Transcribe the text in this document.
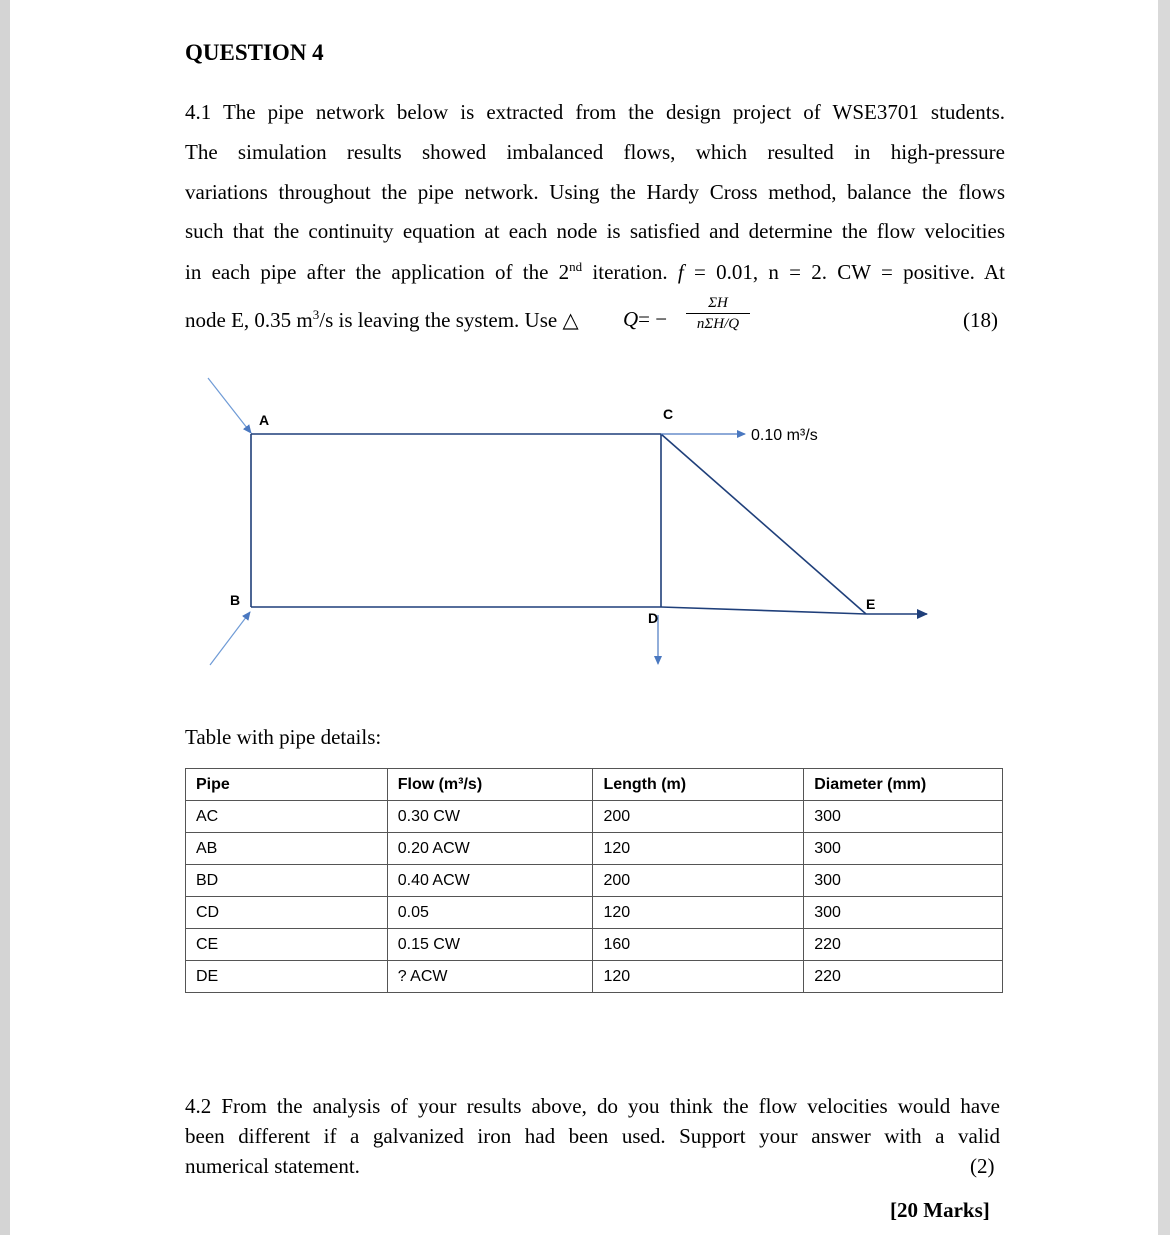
QUESTION 4
4.1 The pipe network below is extracted from the design project of WSE3701 students.
The simulation results showed imbalanced flows, which resulted in high-pressure
variations throughout the pipe network. Using the Hardy Cross method, balance the flows
such that the continuity equation at each node is satisfied and determine the flow velocities
in each pipe after the application of the 2nd iteration. f = 0.01, n = 2. CW = positive. At
node E, 0.35 $m^3/s$ is leaving the system. Use △	Q= −
ΣH
nΣH/Q	(18)
A
B
C
D
E
0.10 m³/s
Table with pipe details:
Pipe	Flow (m³/s)	Length (m)	Diameter (mm)
AC	0.30 CW	200	300
AB	0.20 ACW	120	300
BD	0.40 ACW	200	300
CD	0.05	120	300
CE	0.15 CW	160	220
DE	? ACW	120	220
4.2 From the analysis of your results above, do you think the flow velocities would have
been different if a galvanized iron had been used. Support your answer with a valid
numerical statement.	(2)
[20 Marks]
